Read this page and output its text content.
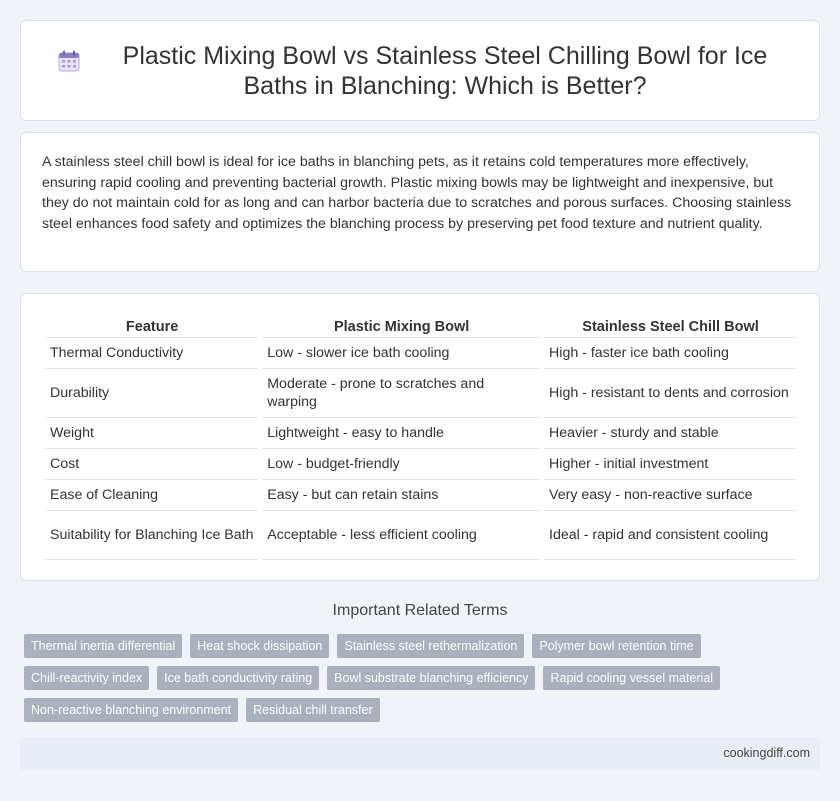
Plastic Mixing Bowl vs Stainless Steel Chilling Bowl for Ice Baths in Blanching: Which is Better?

A stainless steel chill bowl is ideal for ice baths in blanching pets, as it retains cold temperatures more effectively, ensuring rapid cooling and preventing bacterial growth. Plastic mixing bowls may be lightweight and inexpensive, but they do not maintain cold for as long and can harbor bacteria due to scratches and porous surfaces. Choosing stainless steel enhances food safety and optimizes the blanching process by preserving pet food texture and nutrient quality.

Feature	Plastic Mixing Bowl	Stainless Steel Chill Bowl
Thermal Conductivity	Low - slower ice bath cooling	High - faster ice bath cooling
Durability	Moderate - prone to scratches and warping	High - resistant to dents and corrosion
Weight	Lightweight - easy to handle	Heavier - sturdy and stable
Cost	Low - budget-friendly	Higher - initial investment
Ease of Cleaning	Easy - but can retain stains	Very easy - non-reactive surface
Suitability for Blanching Ice Bath	Acceptable - less efficient cooling	Ideal - rapid and consistent cooling
Important Related Terms
Thermal inertia differential	Heat shock dissipation	Stainless steel rethermalization	Polymer bowl retention time
Chill-reactivity index	Ice bath conductivity rating	Bowl substrate blanching efficiency	Rapid cooling vessel material
Non-reactive blanching environment	Residual chill transfer
cookingdiff.com
